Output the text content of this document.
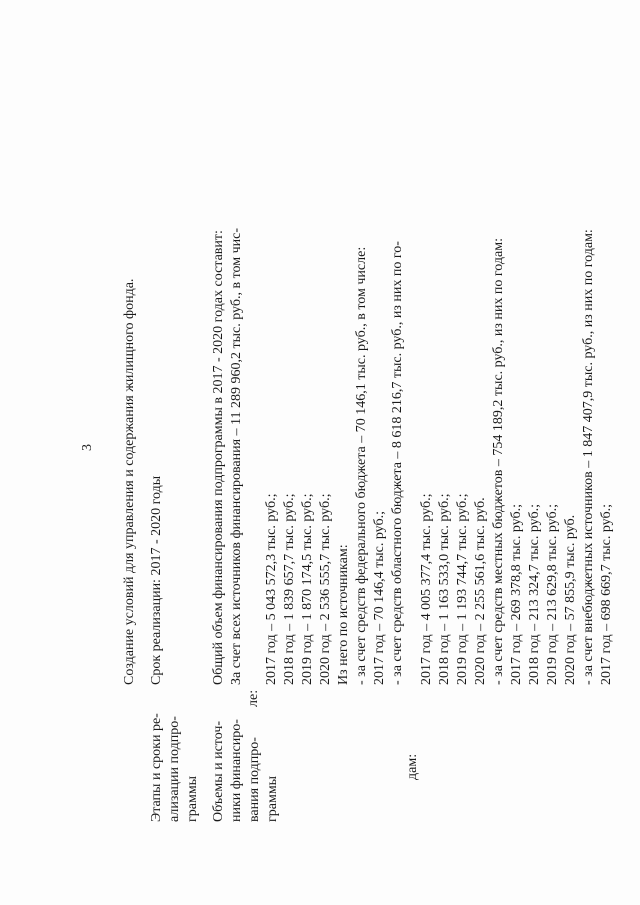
3 Создание условий для управления и содержания жилищного фонда.
Этапы и сроки ре- ализации подпро- граммы
Срок реализации: 2017 - 2020 годы
Объемы и источ- ники финансиро- вания подпро- граммы
Общий объем финансирования подпрограммы в 2017 - 2020 годах составит: За счет всех источников финансирования – 11 289 960,2 тыс. руб., в том чис-
ле:
2017 год – 5 043 572,3 тыс. руб.; 2018 год – 1 839 657,7 тыс. руб.; 2019 год – 1 870 174,5 тыс. руб.; 2020 год – 2 536 555,7 тыс. руб.; Из него по источникам: - за счет средств федерального бюджета – 70 146,1 тыс. руб., в том числе: 2017 год – 70 146,4 тыс. руб.; - за счет средств областного бюджета – 8 618 216,7 тыс. руб., из них по го-
дам:
2017 год – 4 005 377,4 тыс. руб.; 2018 год – 1 163 533,0 тыс. руб.; 2019 год – 1 193 744,7 тыс. руб.; 2020 год – 2 255 561,6 тыс. руб. - за счет средств местных бюджетов – 754 189,2 тыс. руб., из них по годам: 2017 год – 269 378,8 тыс. руб.; 2018 год – 213 324,7 тыс. руб.; 2019 год – 213 629,8 тыс. руб.; 2020 год – 57 855,9 тыс. руб. - за счет внебюджетных источников – 1 847 407,9 тыс. руб., из них по годам: 2017 год – 698 669,7 тыс. руб.;
